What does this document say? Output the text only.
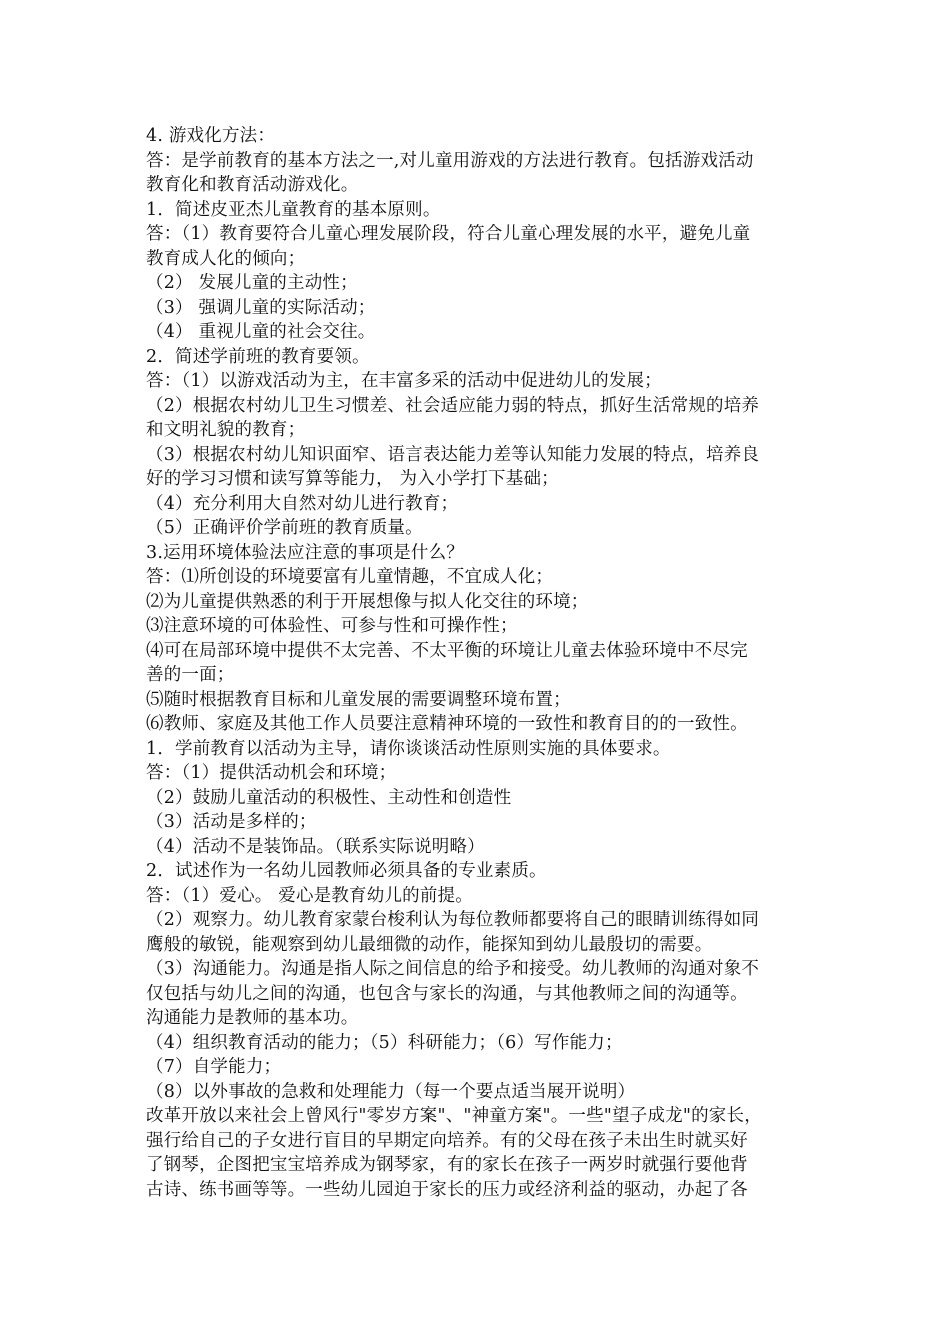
4. 游戏化方法：
答：是学前教育的基本方法之一,对儿童用游戏的方法进行教育。包括游戏活动
教育化和教育活动游戏化。
1．简述皮亚杰儿童教育的基本原则。
答：（1）教育要符合儿童心理发展阶段，符合儿童心理发展的水平，避免儿童
教育成人化的倾向；
（2） 发展儿童的主动性；
（3） 强调儿童的实际活动；
（4） 重视儿童的社会交往。
2．简述学前班的教育要领。
答：（1）以游戏活动为主，在丰富多采的活动中促进幼儿的发展；
（2）根据农村幼儿卫生习惯差、社会适应能力弱的特点，抓好生活常规的培养
和文明礼貌的教育；
（3）根据农村幼儿知识面窄、语言表达能力差等认知能力发展的特点，培养良
好的学习习惯和读写算等能力， 为入小学打下基础；
（4）充分利用大自然对幼儿进行教育；
（5）正确评价学前班的教育质量。
3.运用环境体验法应注意的事项是什么？
答：⑴所创设的环境要富有儿童情趣，不宜成人化；
⑵为儿童提供熟悉的利于开展想像与拟人化交往的环境；
⑶注意环境的可体验性、可参与性和可操作性；
⑷可在局部环境中提供不太完善、不太平衡的环境让儿童去体验环境中不尽完
善的一面；
⑸随时根据教育目标和儿童发展的需要调整环境布置；
⑹教师、家庭及其他工作人员要注意精神环境的一致性和教育目的的一致性。
1．学前教育以活动为主导，请你谈谈活动性原则实施的具体要求。
答：（1）提供活动机会和环境；
（2）鼓励儿童活动的积极性、主动性和创造性
（3）活动是多样的；
（4）活动不是装饰品。（联系实际说明略）
2．试述作为一名幼儿园教师必须具备的专业素质。
答：（1）爱心。 爱心是教育幼儿的前提。
（2）观察力。幼儿教育家蒙台梭利认为每位教师都要将自己的眼睛训练得如同
鹰般的敏锐，能观察到幼儿最细微的动作，能探知到幼儿最殷切的需要。
（3）沟通能力。沟通是指人际之间信息的给予和接受。幼儿教师的沟通对象不
仅包括与幼儿之间的沟通，也包含与家长的沟通，与其他教师之间的沟通等。
沟通能力是教师的基本功。
（4）组织教育活动的能力；（5）科研能力；（6）写作能力；
（7）自学能力；
（8）以外事故的急救和处理能力（每一个要点适当展开说明）
改革开放以来社会上曾风行"零岁方案"、"神童方案"。一些"望子成龙"的家长，
强行给自己的子女进行盲目的早期定向培养。有的父母在孩子未出生时就买好
了钢琴，企图把宝宝培养成为钢琴家，有的家长在孩子一两岁时就强行要他背
古诗、练书画等等。一些幼儿园迫于家长的压力或经济利益的驱动，办起了各
